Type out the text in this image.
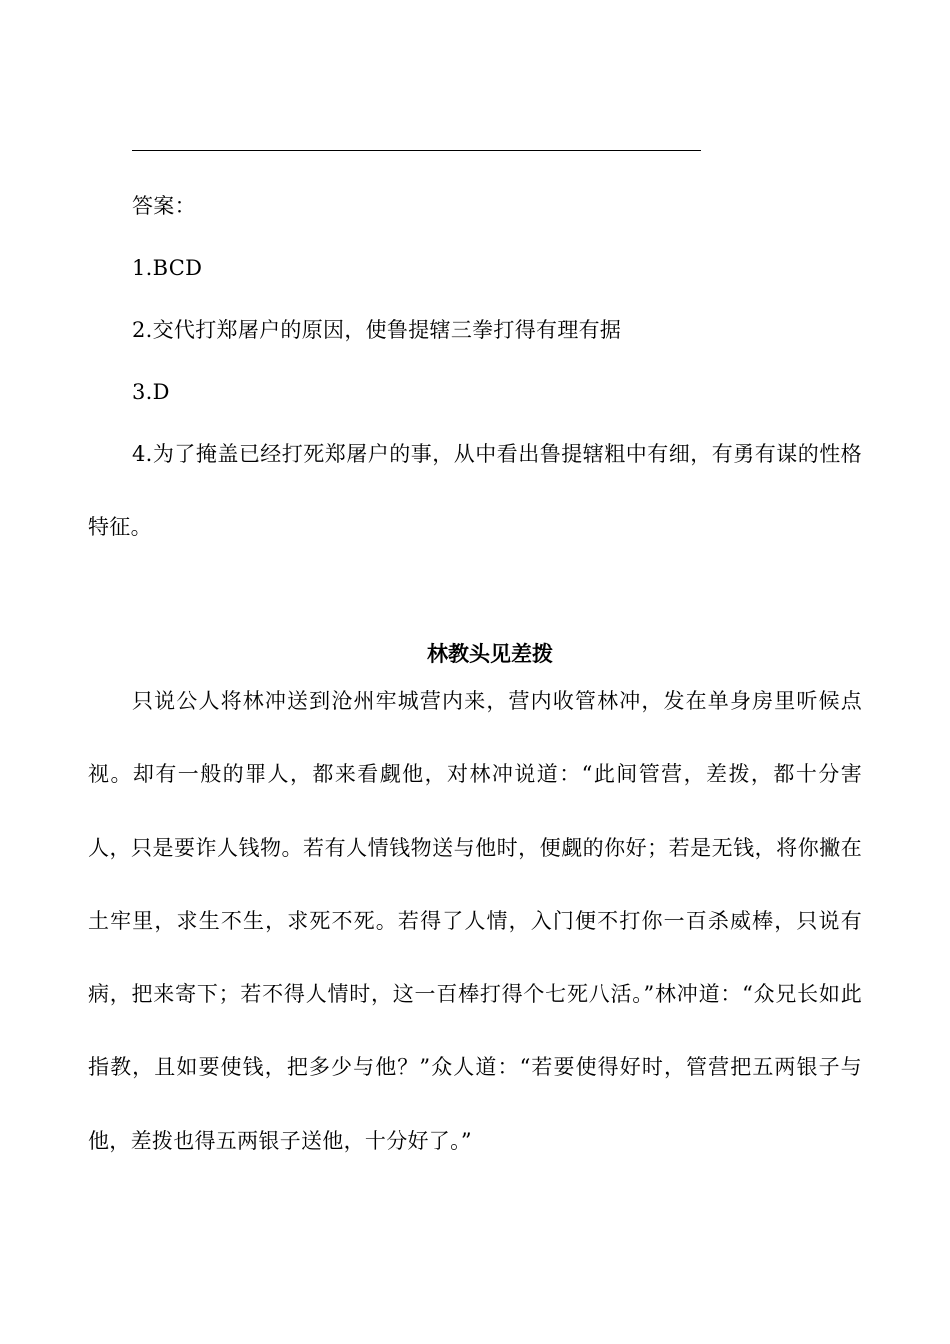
答案：
1.BCD
2.交代打郑屠户的原因，使鲁提辖三拳打得有理有据
3.D

4.为了掩盖已经打死郑屠户的事，从中看出鲁提辖粗中有细，有勇有谋的性格特征。

林教头见差拨

只说公人将林冲送到沧州牢城营内来，营内收管林冲，发在单身房里听候点视。却有一般的罪人，都来看觑他，对林冲说道：“此间管营，差拨，都十分害人，只是要诈人钱物。若有人情钱物送与他时，便觑的你好；若是无钱，将你撇在土牢里，求生不生，求死不死。若得了人情，入门便不打你一百杀威棒，只说有病，把来寄下；若不得人情时，这一百棒打得个七死八活。”林冲道：“众兄长如此指教，且如要使钱，把多少与他？”众人道：“若要使得好时，管营把五两银子与他，差拨也得五两银子送他，十分好了。”
